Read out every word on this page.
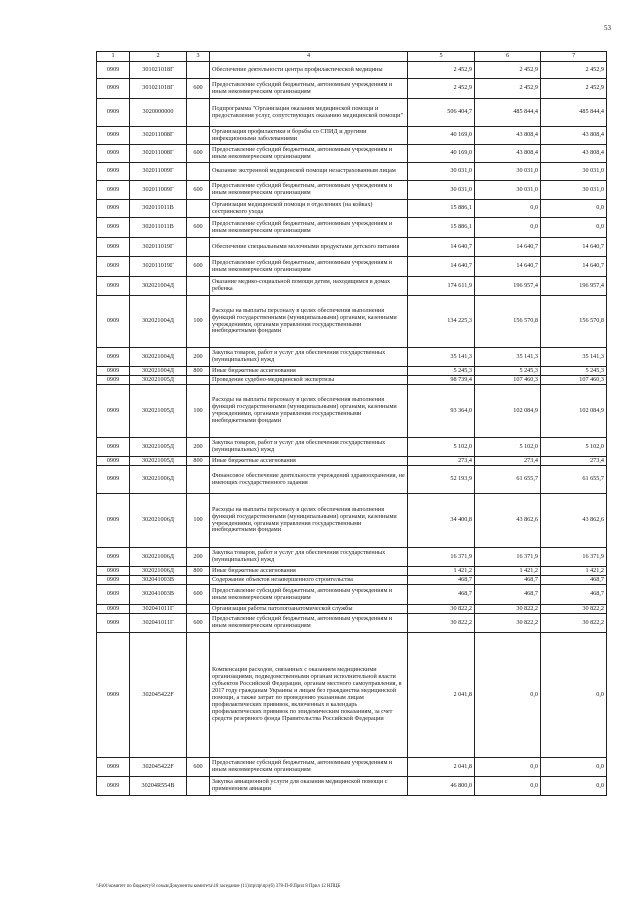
53
1	2	3	4	5	6	7
0909	301021018Г		Обеспечение деятельности центра профилактической медицины	2 452,9	2 452,9	2 452,9
0909	301021018Г	600	Предоставление субсидий бюджетным, автономным учреждениям и иным некоммерческим организациям	2 452,9	2 452,9	2 452,9
0909	3020000000		Подпрограмма "Организация оказания медицинской помощи и предоставления услуг, сопутствующих оказанию медицинской помощи"	506 404,7	485 844,4	485 844,4
0909	302011008Г		Организация профилактики и борьбы со СПИД и другими инфекционными заболеваниями	40 169,0	43 808,4	43 808,4
0909	302011008Г	600	Предоставление субсидий бюджетным, автономным учреждениям и иным некоммерческим организациям	40 169,0	43 808,4	43 808,4
0909	302011009Г		Оказание экстренной медицинской помощи незастрахованным лицам	30 031,0	30 031,0	30 031,0
0909	302011009Г	600	Предоставление субсидий бюджетным, автономным учреждениям и иным некоммерческим организациям	30 031,0	30 031,0	30 031,0
0909	302011011В		Организация медицинской помощи в отделениях (на койках) сестринского ухода	15 886,1	0,0	0,0
0909	302011011В	600	Предоставление субсидий бюджетным, автономным учреждениям и иным некоммерческим организациям	15 886,1	0,0	0,0
0909	302011019Г		Обеспечение специальными молочными продуктами детского питания	14 640,7	14 640,7	14 640,7
0909	302011019Г	600	Предоставление субсидий бюджетным, автономным учреждениям и иным некоммерческим организациям	14 640,7	14 640,7	14 640,7
0909	302021004Д		Оказание медико-социальной помощи детям, находящимся в домах ребенка	174 611,9	196 957,4	196 957,4
0909	302021004Д	100	Расходы на выплаты персоналу в целях обеспечения выполнения функций государственными (муниципальными) органами, казенными учреждениями, органами управления государственными внебюджетными фондами	134 225,3	156 570,8	156 570,8
0909	302021004Д	200	Закупка товаров, работ и услуг для обеспечения государственных (муниципальных) нужд	35 141,3	35 141,3	35 141,3
0909	302021004Д	800	Иные бюджетные ассигнования	5 245,3	5 245,3	5 245,3
0909	302021005Д		Проведение судебно-медицинской экспертизы	98 739,4	107 460,3	107 460,3
0909	302021005Д	100	Расходы на выплаты персоналу в целях обеспечения выполнения функций государственными (муниципальными) органами, казенными учреждениями, органами управления государственными внебюджетными фондами	93 364,0	102 084,9	102 084,9
0909	302021005Д	200	Закупка товаров, работ и услуг для обеспечения государственных (муниципальных) нужд	5 102,0	5 102,0	5 102,0
0909	302021005Д	800	Иные бюджетные ассигнования	273,4	273,4	273,4
0909	302021006Д		Финансовое обеспечение деятельности учреждений здравоохранения, не имеющих государственного задания	52 193,9	61 655,7	61 655,7
0909	302021006Д	100	Расходы на выплаты персоналу в целях обеспечения выполнения функций государственными (муниципальными) органами, казенными учреждениями, органами управления государственными внебюджетными фондами	34 400,8	43 862,6	43 862,6
0909	302021006Д	200	Закупка товаров, работ и услуг для обеспечения государственных (муниципальных) нужд	16 371,9	16 371,9	16 371,9
0909	302021006Д	800	Иные бюджетные ассигнования	1 421,2	1 421,2	1 421,2
0909	302041003В		Содержание объектов незавершенного строительства	468,7	468,7	468,7
0909	302041003В	600	Предоставление субсидий бюджетным, автономным учреждениям и иным некоммерческим организациям	468,7	468,7	468,7
0909	302041011Г		Организация работы патологоанатомической службы	30 822,2	30 822,2	30 822,2
0909	302041011Г	600	Предоставление субсидий бюджетным, автономным учреждениям и иным некоммерческим организациям	30 822,2	30 822,2	30 822,2
0909	302045422F		Компенсация расходов, связанных с оказанием медицинскими организациями, подведомственными органам исполнительной власти субъектов Российской Федерации, органам местного самоуправления, в 2017 году гражданам Украины и лицам без гражданства медицинской помощи, а также затрат по проведению указанным лицам профилактических прививок, включенных в календарь профилактических прививок по эпидемическим показаниям, за счет средств резервного фонда Правительства Российской Федерации	2 041,8	0,0	0,0
0909	302045422F	600	Предоставление субсидий бюджетным, автономным учреждениям и иным некоммерческим организациям	2 041,8	0,0	0,0
0909	30204R554В		Закупка авиационной услуги для оказания медицинской помощи с применением авиации	46 800,0	0,0	0,0
\\Fs01\комитет по бюджету\8 созыв\Документы комитета\18 заседание (11)\пр\пр\пр\(б) 378-П-б\Прил 8 Прил 12 НПЦБ
